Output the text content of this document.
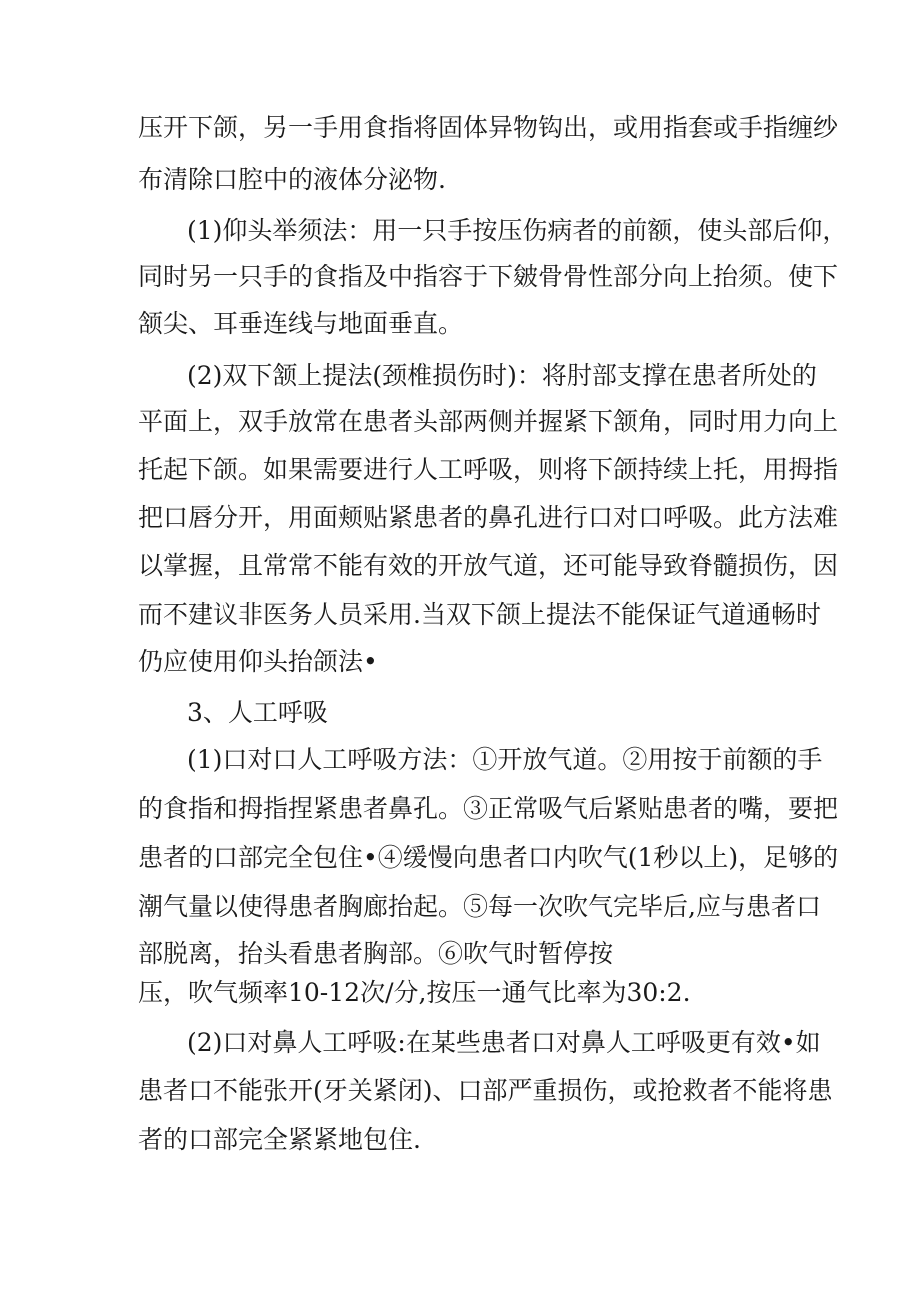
压开下颌，另一手用食指将固体异物钩出，或用指套或手指缠纱

布清除口腔中的液体分泌物.

(1)仰头举须法：用一只手按压伤病者的前额，使头部后仰，

同时另一只手的食指及中指容于下皴骨骨性部分向上抬须。使下

颔尖、耳垂连线与地面垂直。

(2)双下颔上提法(颈椎损伤时)：将肘部支撑在患者所处的

平面上，双手放常在患者头部两侧并握紧下颔角，同时用力向上

托起下颌。如果需要进行人工呼吸，则将下颌持续上托，用拇指

把口唇分开，用面颊贴紧患者的鼻孔进行口对口呼吸。此方法难

以掌握，且常常不能有效的开放气道，还可能导致脊髓损伤，因

而不建议非医务人员采用.当双下颌上提法不能保证气道通畅时

仍应使用仰头抬颌法•

3、人工呼吸

(1)口对口人工呼吸方法：①开放气道。②用按于前额的手

的食指和拇指捏紧患者鼻孔。③正常吸气后紧贴患者的嘴，要把

患者的口部完全包住•④缓慢向患者口内吹气(1秒以上)，足够的

潮气量以使得患者胸廊抬起。⑤每一次吹气完毕后,应与患者口

部脱离，抬头看患者胸部。⑥吹气时暂停按

压，吹气频率10-12次/分,按压一通气比率为30:2.

(2)口对鼻人工呼吸:在某些患者口对鼻人工呼吸更有效•如

患者口不能张开(牙关紧闭)、口部严重损伤，或抢救者不能将患

者的口部完全紧紧地包住.
